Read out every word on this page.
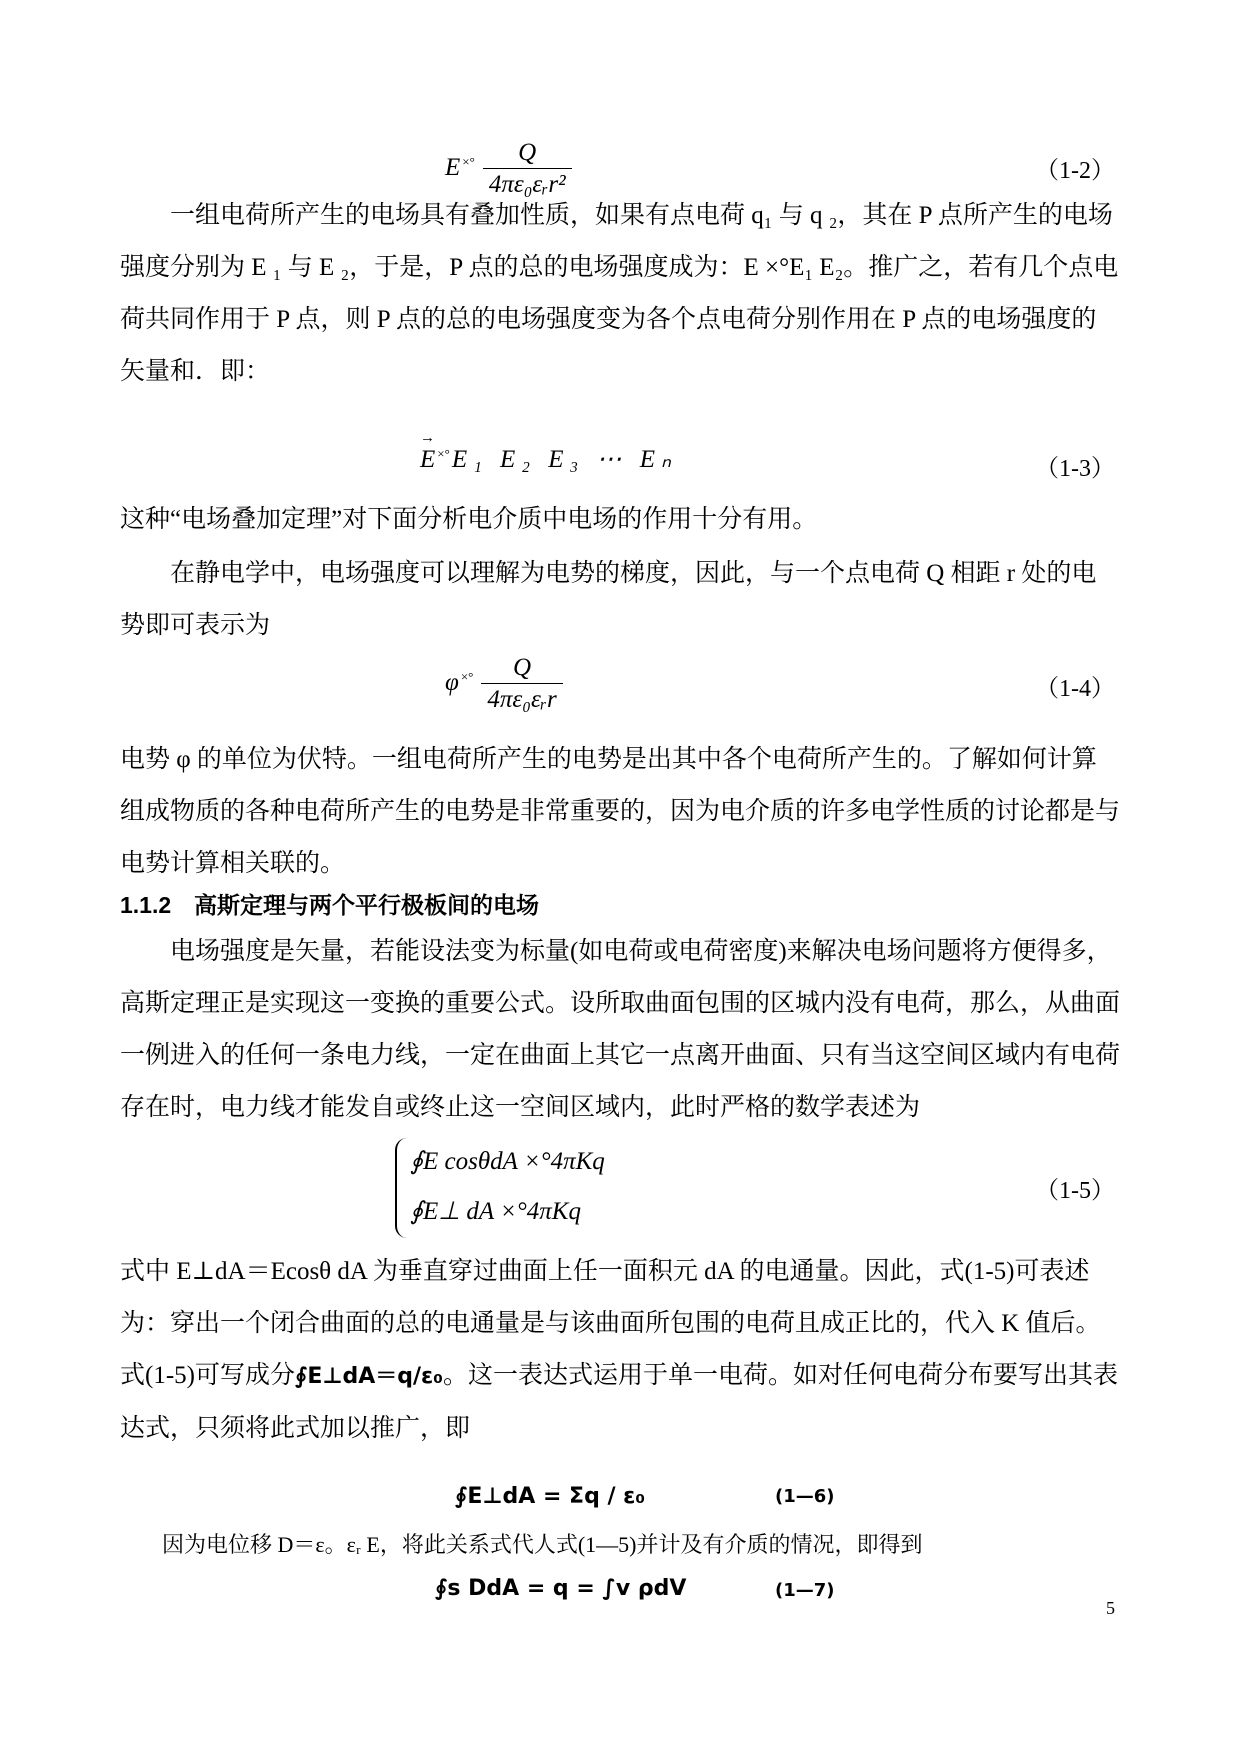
E $^{\times^\circ} \frac{Q}{\text{4πε₀εᵣr²}}$	（1-2）

一组电荷所产生的电场具有叠加性质，如果有点电荷 q₁ 与 q ₂，其在 P 点所产生的电场强度分别为 E ₁ 与 E ₂，于是，P 点的总的电场强度成为：E ×°E₁ E₂。推广之，若有几个点电荷共同作用于 P 点，则 P 点的总的电场强度变为各个点电荷分别作用在 P 点的电场强度的矢量和．即：

→ E ×°E₁ E₂ E₃ ⋯ Eₙ	（1-3）

这种“电场叠加定理”对下面分析电介质中电场的作用十分有用。

在静电学中，电场强度可以理解为电势的梯度，因此，与一个点电荷 Q 相距 r 处的电势即可表示为

φ $^{\times^\circ} \frac{Q}{\text{4πε₀εᵣr}}$	（1-4）

电势 φ 的单位为伏特。一组电荷所产生的电势是出其中各个电荷所产生的。了解如何计算组成物质的各种电荷所产生的电势是非常重要的，因为电介质的许多电学性质的讨论都是与电势计算相关联的。

1.1.2 高斯定理与两个平行极板间的电场

电场强度是矢量，若能设法变为标量(如电荷或电荷密度)来解决电场问题将方便得多，高斯定理正是实现这一变换的重要公式。设所取曲面包围的区城内没有电荷，那么，从曲面一例进入的任何一条电力线，一定在曲面上其它一点离开曲面、只有当这空间区域内有电荷存在时，电力线才能发自或终止这一空间区域内，此时严格的数学表述为

∮E cosθdA ×°4πKq
∮E⊥ dA ×°4πKq
（1-5）

式中 E⊥dA＝Ecosθ dA 为垂直穿过曲面上任一面积元 dA 的电通量。因此，式(1-5)可表述为：穿出一个闭合曲面的总的电通量是与该曲面所包围的电荷且成正比的，代入 K 值后。式(1-5)可写成分∮E⊥dA＝q/ε₀。这一表达式运用于单一电荷。如对任何电荷分布要写出其表达式，只须将此式加以推广，即

∮E⊥dA = Σq / ε₀	(1—6)
因为电位移 D＝ε。εᵣ E，将此关系式代人式(1—5)并计及有介质的情况，即得到
∮s DdA = q = ∫v ρdV	(1—7)
5
